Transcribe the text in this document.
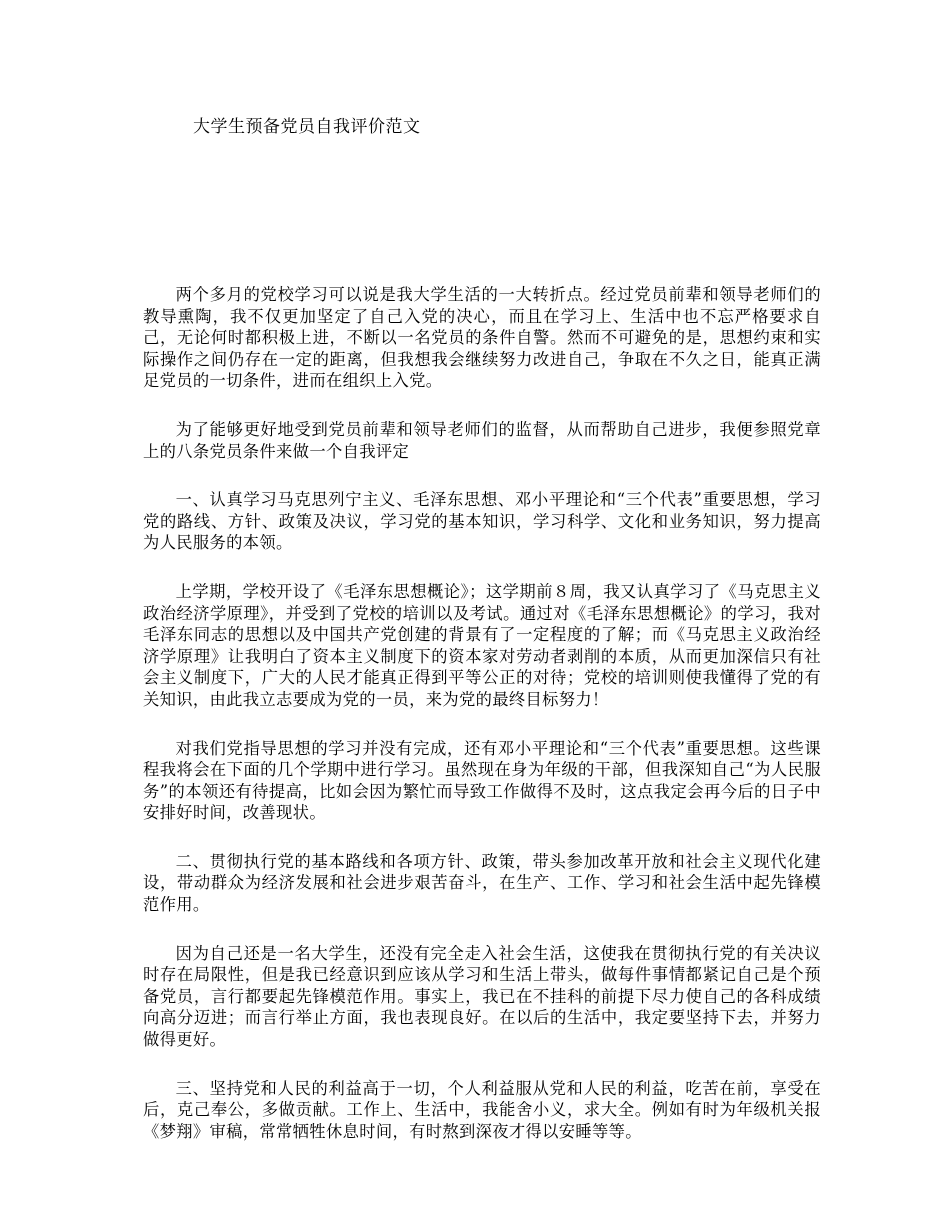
大学生预备党员自我评价范文

两个多月的党校学习可以说是我大学生活的一大转折点。经过党员前辈和领导老师们的教导熏陶，我不仅更加坚定了自己入党的决心，而且在学习上、生活中也不忘严格要求自己，无论何时都积极上进，不断以一名党员的条件自警。然而不可避免的是，思想约束和实际操作之间仍存在一定的距离，但我想我会继续努力改进自己，争取在不久之日，能真正满足党员的一切条件，进而在组织上入党。

为了能够更好地受到党员前辈和领导老师们的监督，从而帮助自己进步，我便参照党章上的八条党员条件来做一个自我评定

一、认真学习马克思列宁主义、毛泽东思想、邓小平理论和“三个代表”重要思想，学习党的路线、方针、政策及决议，学习党的基本知识，学习科学、文化和业务知识，努力提高为人民服务的本领。

上学期，学校开设了《毛泽东思想概论》；这学期前８周，我又认真学习了《马克思主义政治经济学原理》，并受到了党校的培训以及考试。通过对《毛泽东思想概论》的学习，我对毛泽东同志的思想以及中国共产党创建的背景有了一定程度的了解；而《马克思主义政治经济学原理》让我明白了资本主义制度下的资本家对劳动者剥削的本质，从而更加深信只有社会主义制度下，广大的人民才能真正得到平等公正的对待；党校的培训则使我懂得了党的有关知识，由此我立志要成为党的一员，来为党的最终目标努力！

对我们党指导思想的学习并没有完成，还有邓小平理论和“三个代表”重要思想。这些课程我将会在下面的几个学期中进行学习。虽然现在身为年级的干部，但我深知自己“为人民服务”的本领还有待提高，比如会因为繁忙而导致工作做得不及时，这点我定会再今后的日子中安排好时间，改善现状。

二、贯彻执行党的基本路线和各项方针、政策，带头参加改革开放和社会主义现代化建设，带动群众为经济发展和社会进步艰苦奋斗，在生产、工作、学习和社会生活中起先锋模范作用。

因为自己还是一名大学生，还没有完全走入社会生活，这使我在贯彻执行党的有关决议时存在局限性，但是我已经意识到应该从学习和生活上带头，做每件事情都紧记自己是个预备党员，言行都要起先锋模范作用。事实上，我已在不挂科的前提下尽力使自己的各科成绩向高分迈进；而言行举止方面，我也表现良好。在以后的生活中，我定要坚持下去，并努力做得更好。

三、坚持党和人民的利益高于一切，个人利益服从党和人民的利益，吃苦在前，享受在后，克己奉公，多做贡献。工作上、生活中，我能舍小义，求大全。例如有时为年级机关报《梦翔》审稿，常常牺牲休息时间，有时熬到深夜才得以安睡等等。
